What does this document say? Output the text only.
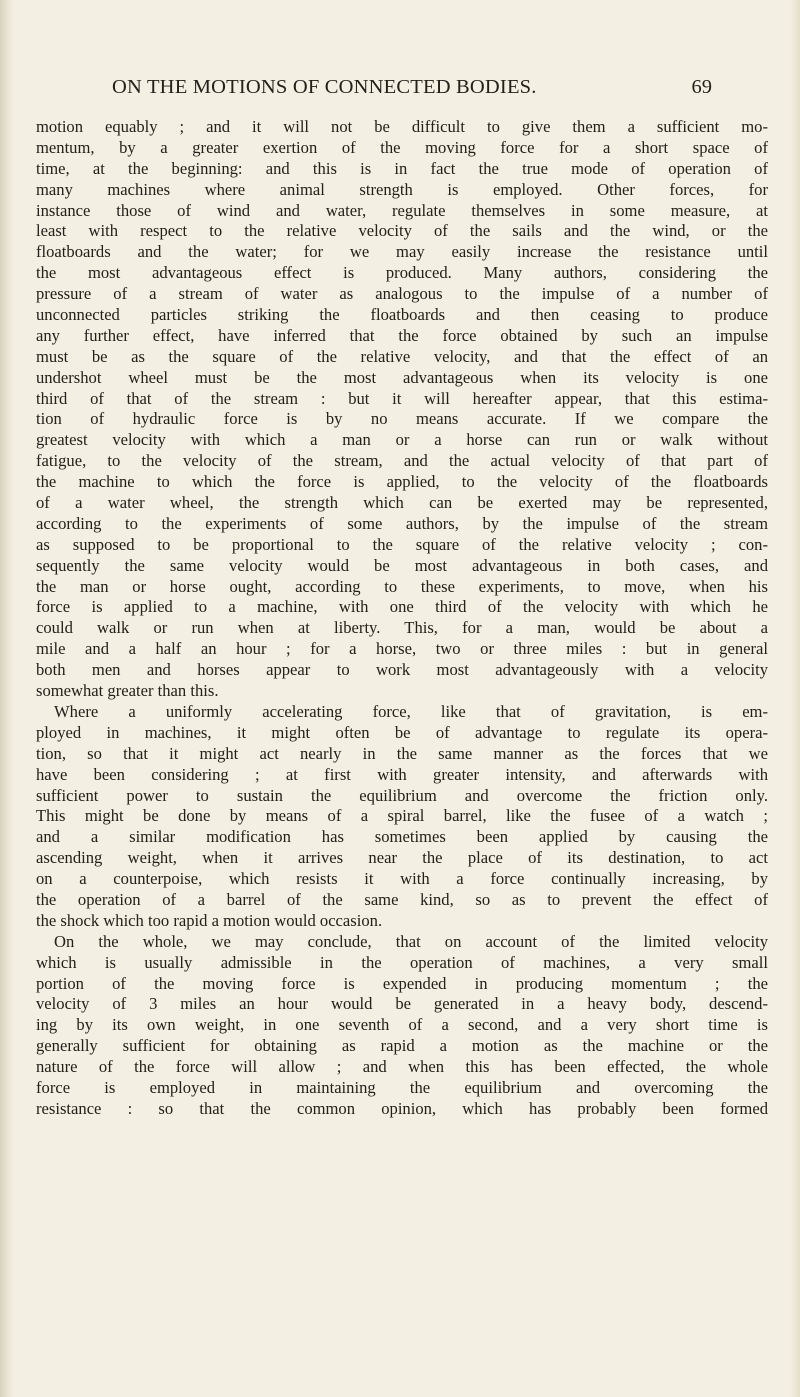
ON THE MOTIONS OF CONNECTED BODIES.	69
motion equably ; and it will not be difficult to give them a sufficient mo-
mentum, by a greater exertion of the moving force for a short space of
time, at the beginning: and this is in fact the true mode of operation of
many machines where animal strength is employed. Other forces, for
instance those of wind and water, regulate themselves in some measure, at
least with respect to the relative velocity of the sails and the wind, or the
floatboards and the water; for we may easily increase the resistance until
the most advantageous effect is produced. Many authors, considering the
pressure of a stream of water as analogous to the impulse of a number of
unconnected particles striking the floatboards and then ceasing to produce
any further effect, have inferred that the force obtained by such an impulse
must be as the square of the relative velocity, and that the effect of an
undershot wheel must be the most advantageous when its velocity is one
third of that of the stream : but it will hereafter appear, that this estima-
tion of hydraulic force is by no means accurate. If we compare the
greatest velocity with which a man or a horse can run or walk without
fatigue, to the velocity of the stream, and the actual velocity of that part of
the machine to which the force is applied, to the velocity of the floatboards
of a water wheel, the strength which can be exerted may be represented,
according to the experiments of some authors, by the impulse of the stream
as supposed to be proportional to the square of the relative velocity ; con-
sequently the same velocity would be most advantageous in both cases, and
the man or horse ought, according to these experiments, to move, when his
force is applied to a machine, with one third of the velocity with which he
could walk or run when at liberty. This, for a man, would be about a
mile and a half an hour ; for a horse, two or three miles : but in general
both men and horses appear to work most advantageously with a velocity
somewhat greater than this.
Where a uniformly accelerating force, like that of gravitation, is em-
ployed in machines, it might often be of advantage to regulate its opera-
tion, so that it might act nearly in the same manner as the forces that we
have been considering ; at first with greater intensity, and afterwards with
sufficient power to sustain the equilibrium and overcome the friction only.
This might be done by means of a spiral barrel, like the fusee of a watch ;
and a similar modification has sometimes been applied by causing the
ascending weight, when it arrives near the place of its destination, to act
on a counterpoise, which resists it with a force continually increasing, by
the operation of a barrel of the same kind, so as to prevent the effect of
the shock which too rapid a motion would occasion.
On the whole, we may conclude, that on account of the limited velocity
which is usually admissible in the operation of machines, a very small
portion of the moving force is expended in producing momentum ; the
velocity of 3 miles an hour would be generated in a heavy body, descend-
ing by its own weight, in one seventh of a second, and a very short time is
generally sufficient for obtaining as rapid a motion as the machine or the
nature of the force will allow ; and when this has been effected, the whole
force is employed in maintaining the equilibrium and overcoming the
resistance : so that the common opinion, which has probably been formed
